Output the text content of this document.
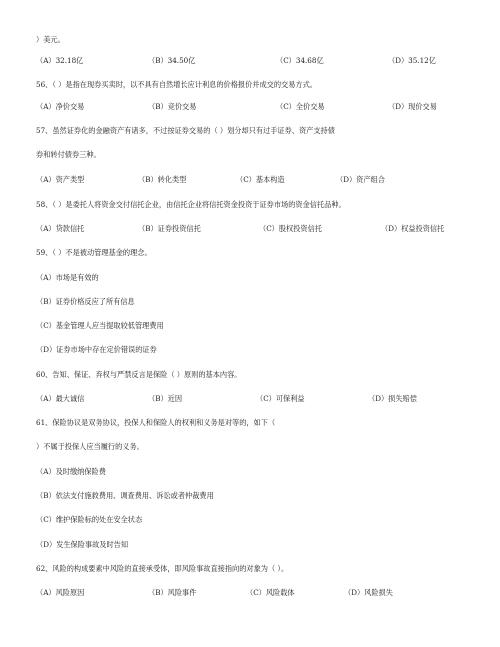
）美元。
（A）32.18亿	（B）34.50亿	（C）34.68亿	（D）35.12亿
56、（ ）是指在现券买卖时，以不具有自然增长应计利息的价格报价并成交的交易方式。
（A）净价交易	（B）竞价交易	（C）全价交易	（D）现价交易
57、虽然证券化的金融资产有诸多，不过按证券交易的（ ）划分却只有过手证券、资产支持债
券和转付债券三种。
（A）资产类型	（B）转化类型	（C）基本构造	（D）资产组合
58、（ ）是委托人将资金交付信托企业，由信托企业将信托资金投资于证券市场的资金信托品种。
（A）贷款信托	（B）证券投资信托	（C）股权投资信托	（D）权益投资信托
59、（ ）不是被动管理基金的理念。
（A）市场是有效的
（B）证券价格反应了所有信息
（C）基金管理人应当提取较低管理费用
（D）证券市场中存在定价错误的证券
60、告知、保证、弃权与严禁反言是保险（ ）原则的基本内容。
（A）最大诚信	（B）近因	（C）可保利益	（D）损失赔偿
61、保险协议是双务协议，投保人和保险人的权利和义务是对等的，如下（
）不属于投保人应当履行的义务。
（A）及时缴纳保险费
（B）依法支付施救费用、调查费用、诉讼或者仲裁费用
（C）维护保险标的处在安全状态
（D）发生保险事故及时告知
62、风险的构成要素中风险的直接承受体，即风险事故直接指向的对象为（ ）。
（A）风险原因	（B）风险事件	（C）风险载体	（D）风险损失
